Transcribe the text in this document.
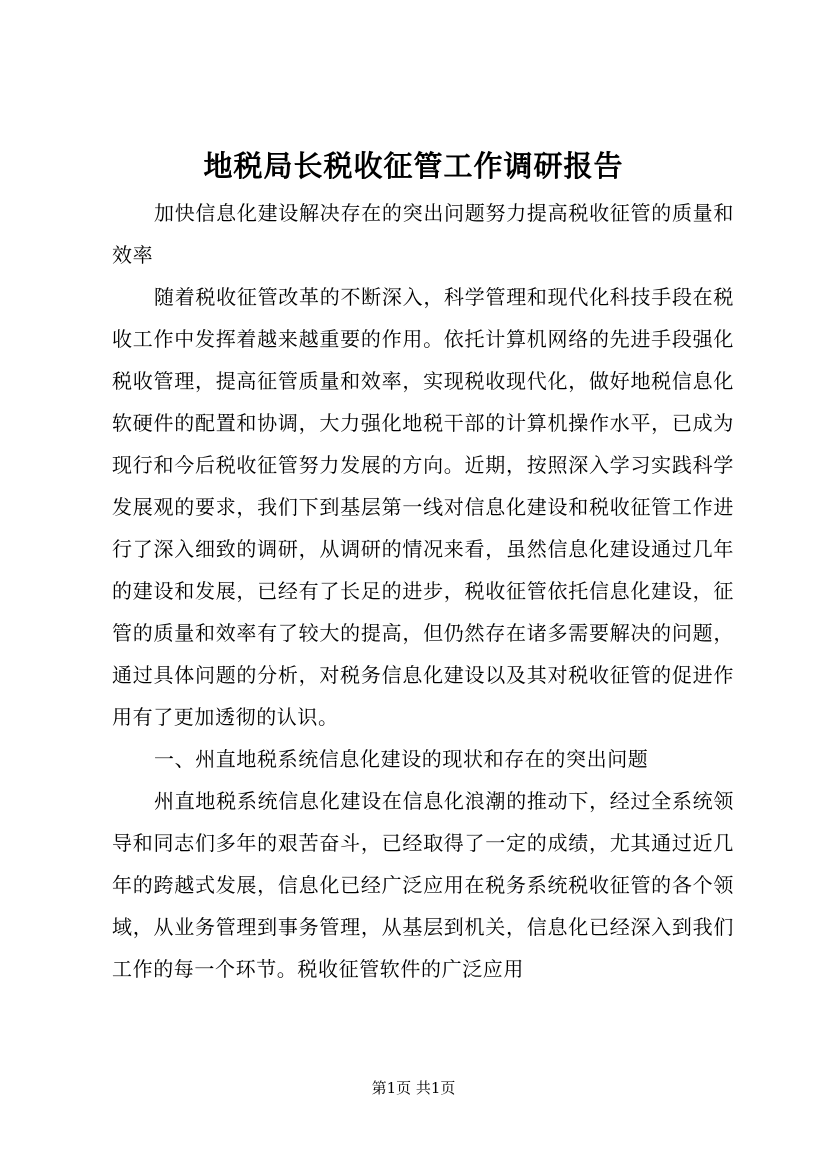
地税局长税收征管工作调研报告

加快信息化建设解决存在的突出问题努力提高税收征管的质量和效率

随着税收征管改革的不断深入，科学管理和现代化科技手段在税收工作中发挥着越来越重要的作用。依托计算机网络的先进手段强化税收管理，提高征管质量和效率，实现税收现代化，做好地税信息化软硬件的配置和协调，大力强化地税干部的计算机操作水平，已成为现行和今后税收征管努力发展的方向。近期，按照深入学习实践科学发展观的要求，我们下到基层第一线对信息化建设和税收征管工作进行了深入细致的调研，从调研的情况来看，虽然信息化建设通过几年的建设和发展，已经有了长足的进步，税收征管依托信息化建设，征管的质量和效率有了较大的提高，但仍然存在诸多需要解决的问题，通过具体问题的分析，对税务信息化建设以及其对税收征管的促进作用有了更加透彻的认识。

一、州直地税系统信息化建设的现状和存在的突出问题

州直地税系统信息化建设在信息化浪潮的推动下，经过全系统领导和同志们多年的艰苦奋斗，已经取得了一定的成绩，尤其通过近几年的跨越式发展，信息化已经广泛应用在税务系统税收征管的各个领域，从业务管理到事务管理，从基层到机关，信息化已经深入到我们工作的每一个环节。税收征管软件的广泛应用

第1页 共1页
